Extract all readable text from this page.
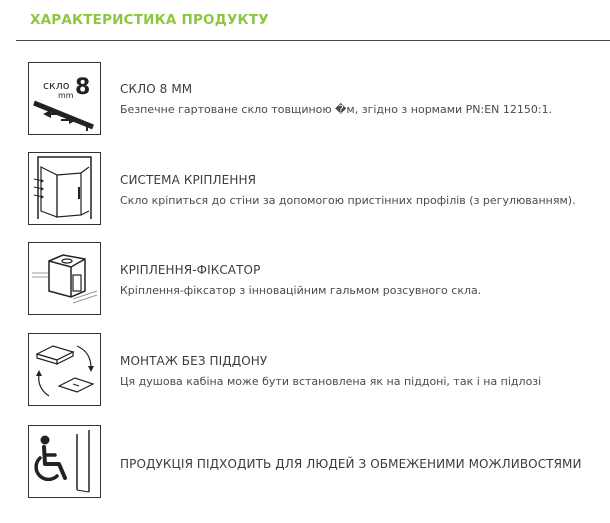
ХАРАКТЕРИСТИКА ПРОДУКТУ
скло 8
mm	СКЛО 8 ММ
Безпечне гартоване скло товщиною �м, згідно з нормами PN:EN 12150:1.
СИСТЕМА КРІПЛЕННЯ
Скло кріпиться до стіни за допомогою пристінних профілів (з регулюванням).
КРІПЛЕННЯ-ФІКСАТОР
Кріплення-фіксатор з інноваційним гальмом розсувного скла.
МОНТАЖ БЕЗ ПІДДОНУ
Ця душова кабіна може бути встановлена як на піддоні, так і на підлозі
ПРОДУКЦІЯ ПІДХОДИТЬ ДЛЯ ЛЮДЕЙ З ОБМЕЖЕНИМИ МОЖЛИВОСТЯМИ
